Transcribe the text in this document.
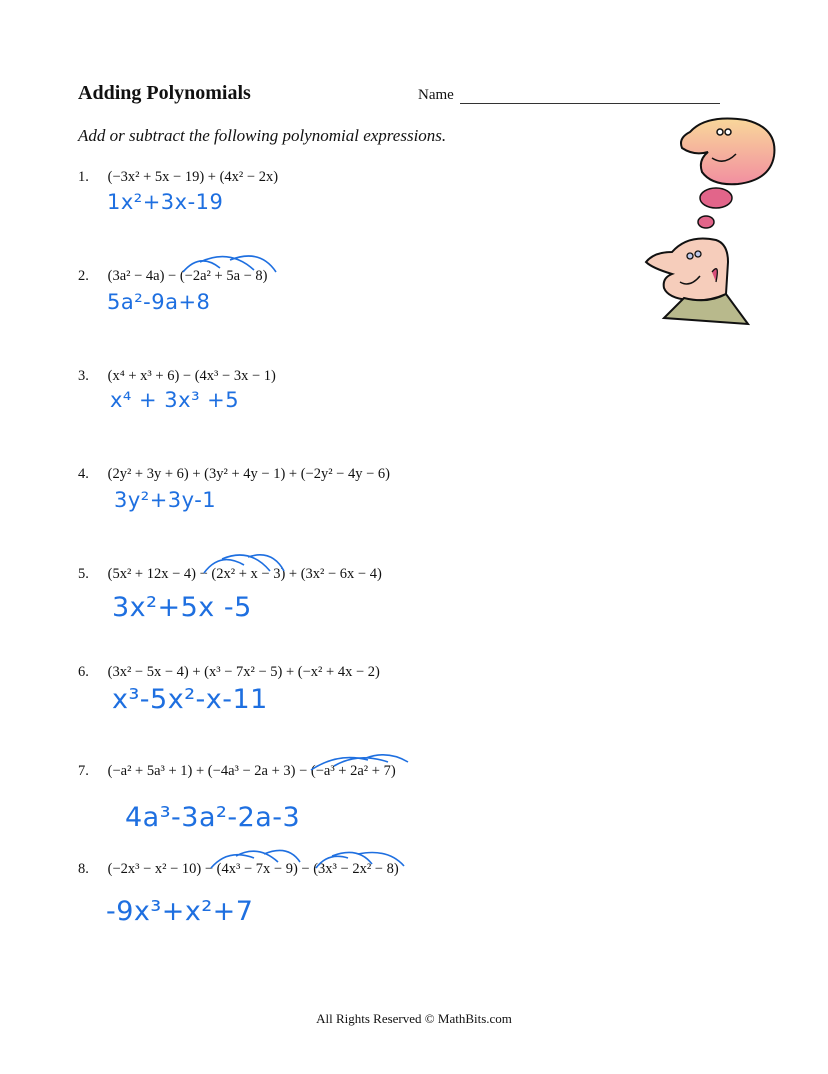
Adding Polynomials	Name
Add or subtract the following polynomial expressions.
1. (−3x² + 5x − 19) + (4x² − 2x)
1x²+3x-19
2. (3a² − 4a) − (−2a² + 5a − 8)
5a²-9a+8
3. (x⁴ + x³ + 6) − (4x³ − 3x − 1)
x⁴ + 3x³ +5
4. (2y² + 3y + 6) + (3y² + 4y − 1) + (−2y² − 4y − 6)
3y²+3y-1
5. (5x² + 12x − 4) − (2x² + x − 3) + (3x² − 6x − 4)
3x²+5x -5
6. (3x² − 5x − 4) + (x³ − 7x² − 5) + (−x² + 4x − 2)
x³-5x²-x-11
7. (−a² + 5a³ + 1) + (−4a³ − 2a + 3) − (−a³ + 2a² + 7)
4a³-3a²-2a-3
8. (−2x³ − x² − 10) − (4x³ − 7x − 9) − (3x³ − 2x² − 8)
-9x³+x²+7
All Rights Reserved © MathBits.com
